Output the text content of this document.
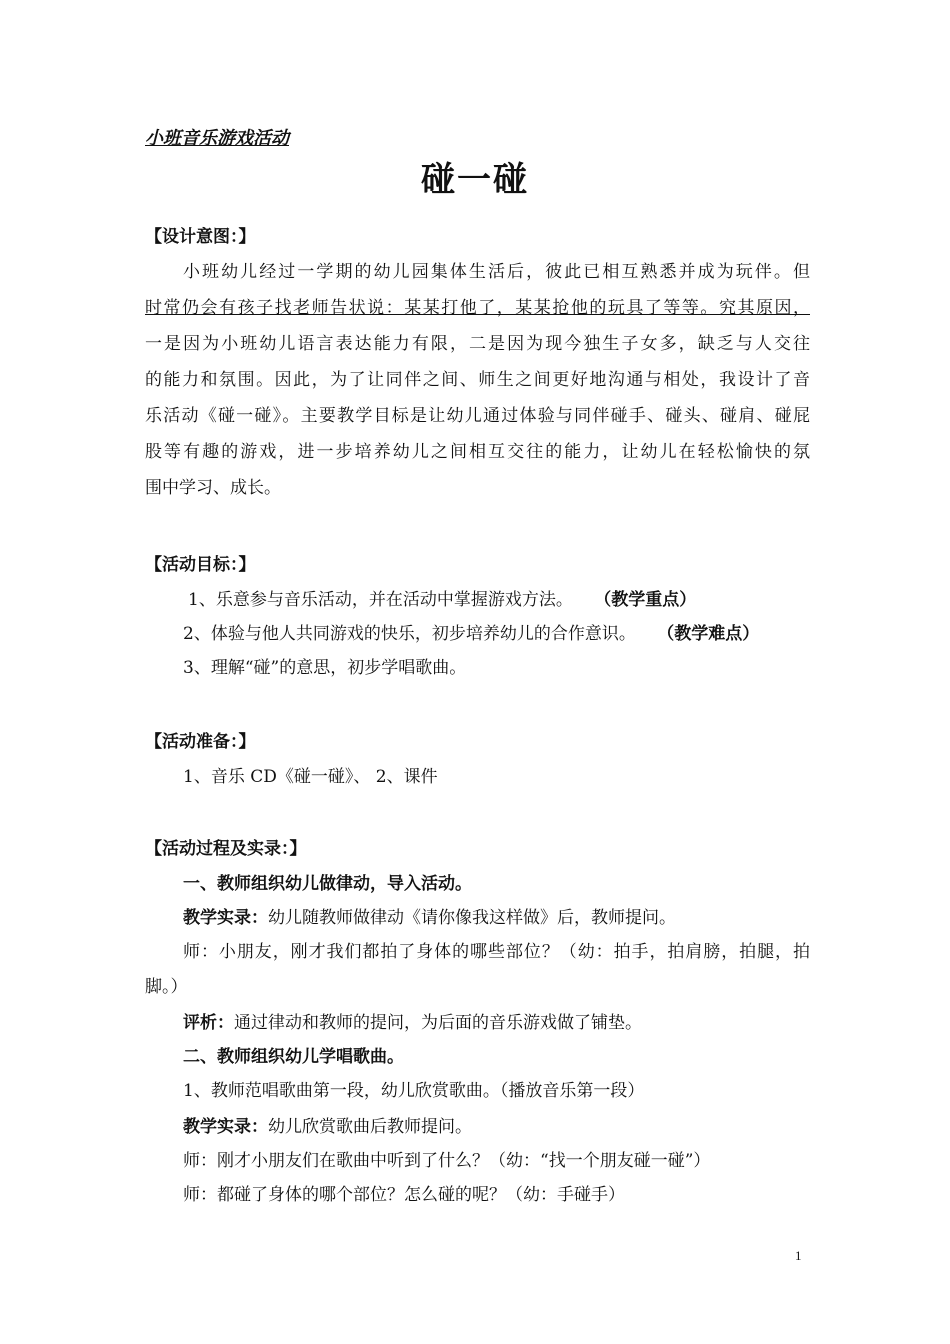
小班音乐游戏活动
碰一碰
【设计意图：】
小班幼儿经过一学期的幼儿园集体生活后，彼此已相互熟悉并成为玩伴。但
时常仍会有孩子找老师告状说：某某打他了，某某抢他的玩具了等等。究其原因，
一是因为小班幼儿语言表达能力有限，二是因为现今独生子女多，缺乏与人交往
的能力和氛围。因此，为了让同伴之间、师生之间更好地沟通与相处，我设计了音
乐活动《碰一碰》。主要教学目标是让幼儿通过体验与同伴碰手、碰头、碰肩、碰屁
股等有趣的游戏，进一步培养幼儿之间相互交往的能力，让幼儿在轻松愉快的氛
围中学习、成长。
【活动目标：】
1、乐意参与音乐活动，并在活动中掌握游戏方法。 （教学重点）
2、体验与他人共同游戏的快乐，初步培养幼儿的合作意识。 （教学难点）
3、理解“碰”的意思，初步学唱歌曲。
【活动准备：】
1、音乐 CD《碰一碰》、 2、课件
【活动过程及实录：】
一、教师组织幼儿做律动，导入活动。
教学实录：幼儿随教师做律动《请你像我这样做》后，教师提问。
师：小朋友，刚才我们都拍了身体的哪些部位？（幼：拍手，拍肩膀，拍腿，拍
脚。）
评析：通过律动和教师的提问，为后面的音乐游戏做了铺垫。
二、教师组织幼儿学唱歌曲。
1、教师范唱歌曲第一段，幼儿欣赏歌曲。（播放音乐第一段）
教学实录：幼儿欣赏歌曲后教师提问。
师：刚才小朋友们在歌曲中听到了什么？（幼：“找一个朋友碰一碰”）
师：都碰了身体的哪个部位？怎么碰的呢？（幼：手碰手）
1
